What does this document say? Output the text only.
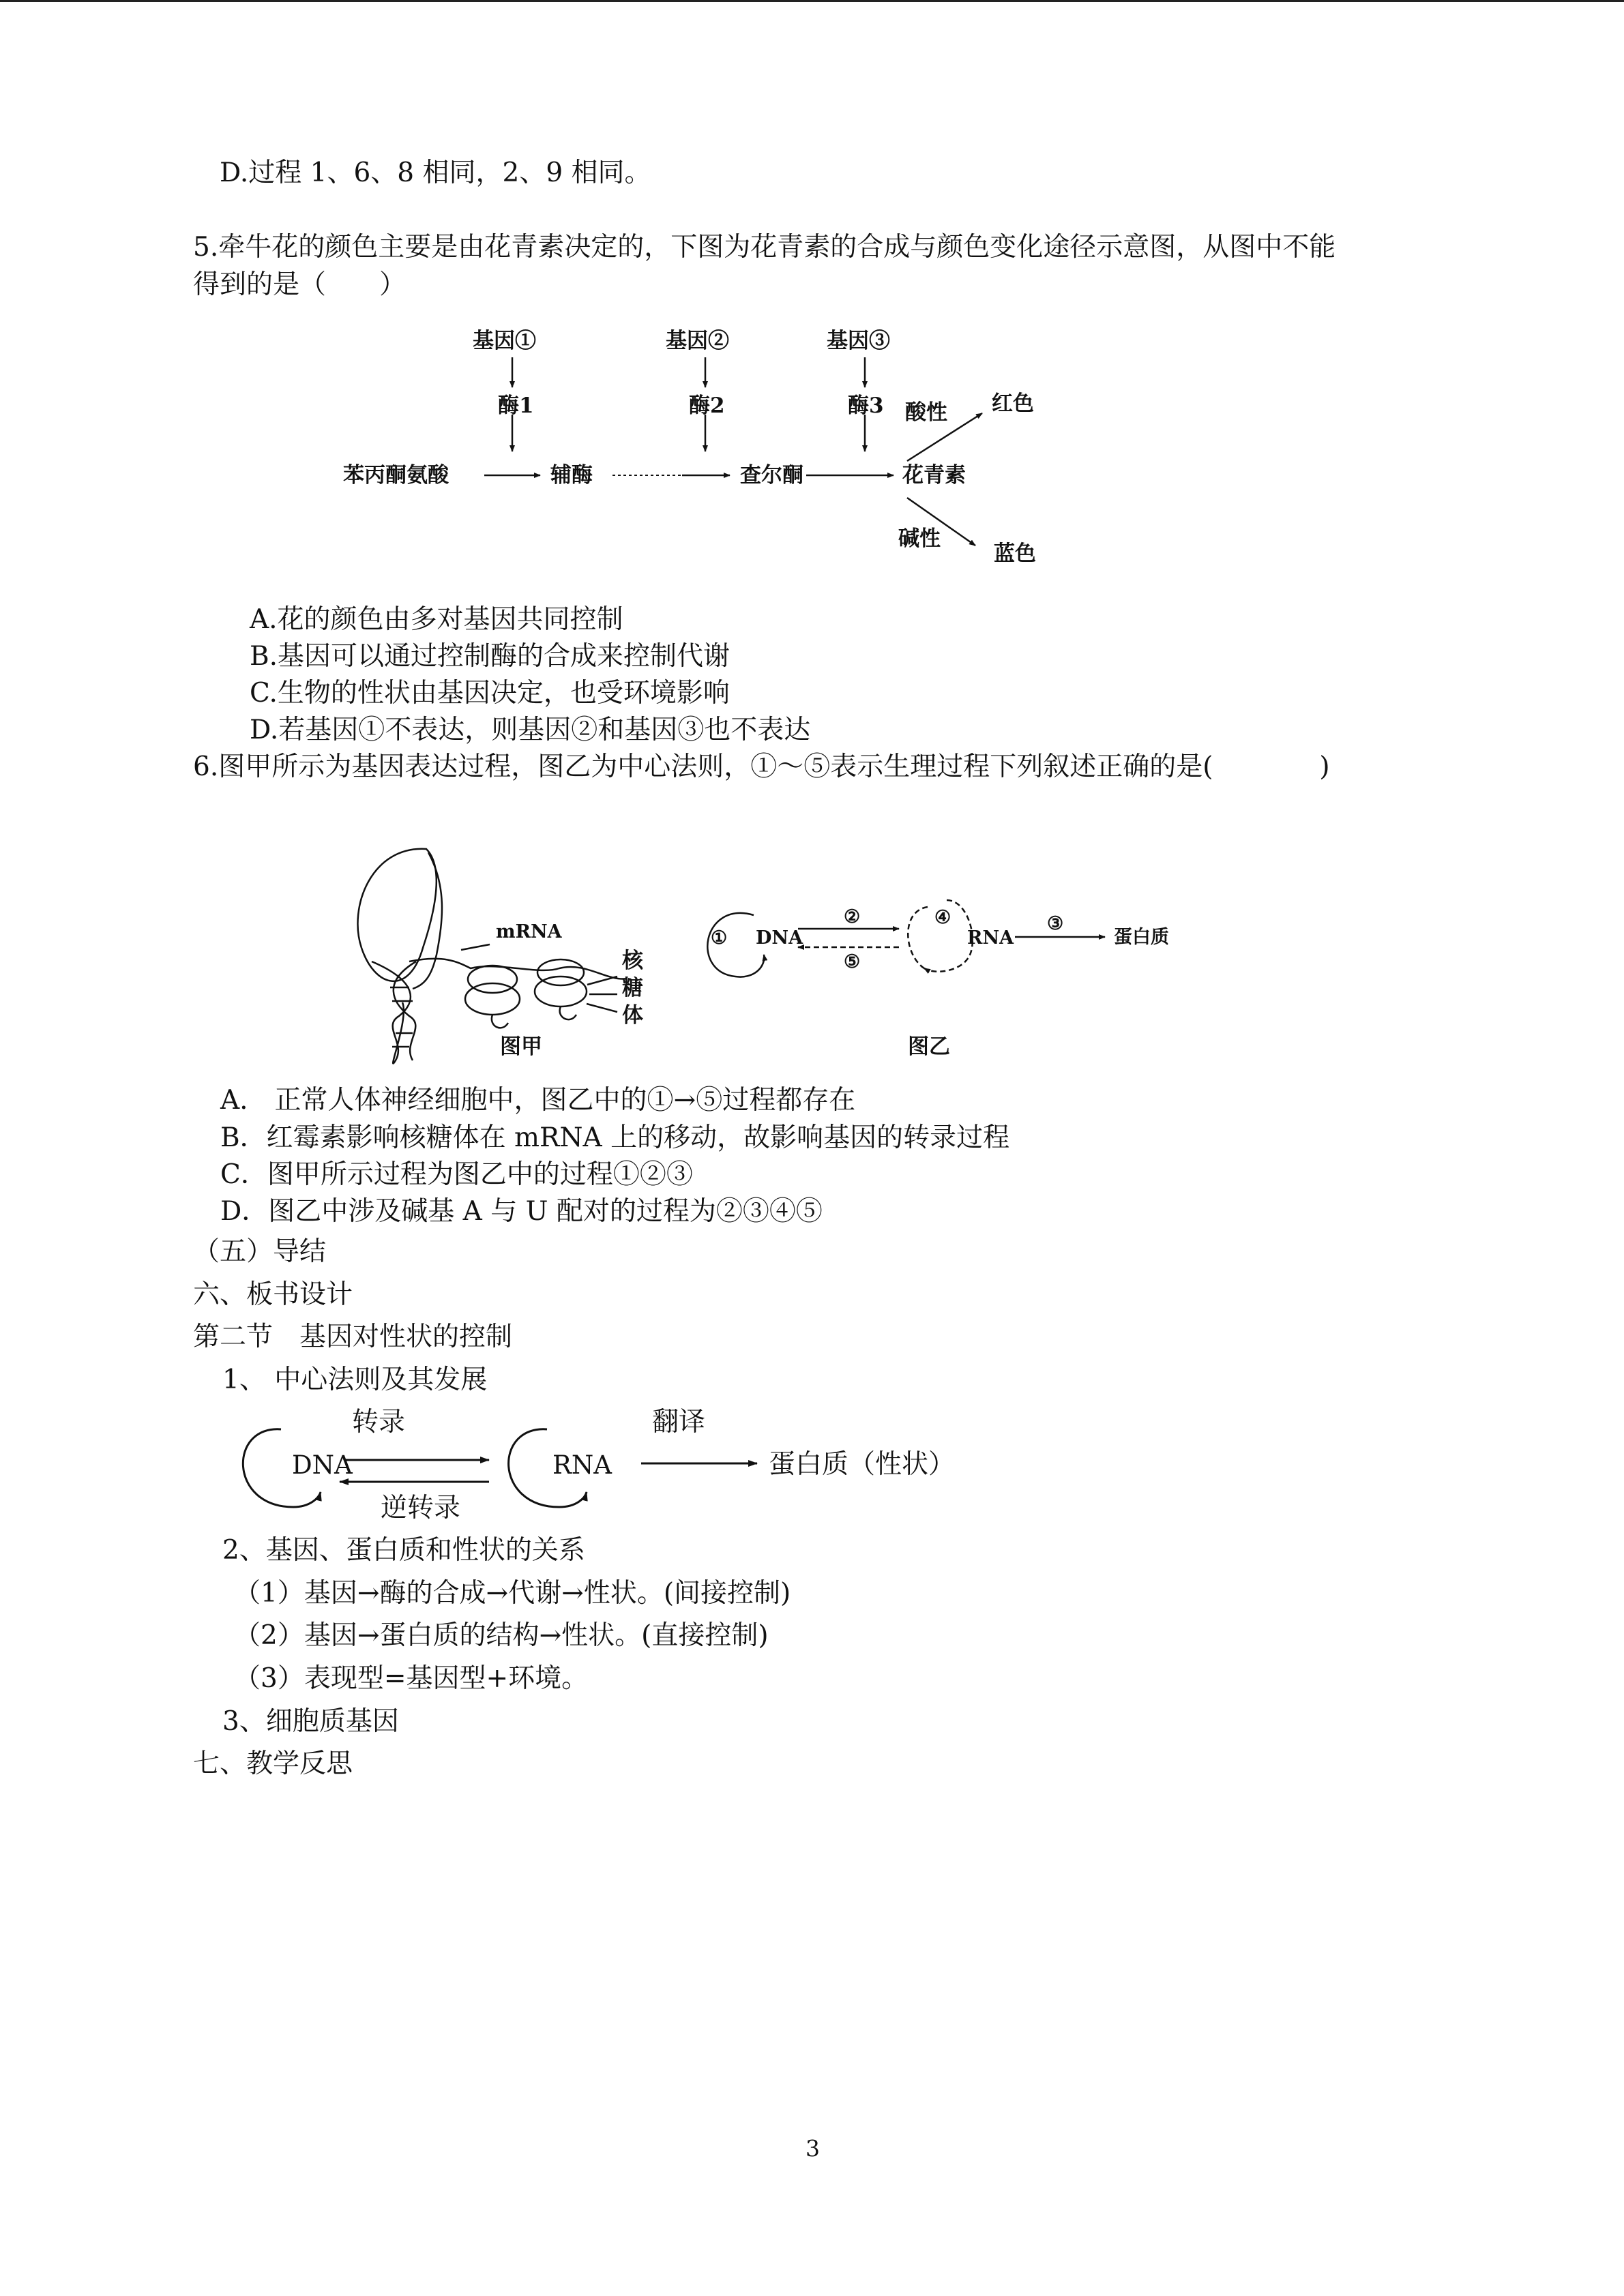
D.过程 1、6、8 相同，2、9 相同。
5.牵牛花的颜色主要是由花青素决定的，下图为花青素的合成与颜色变化途径示意图，从图中不能
得到的是（　　）
基因①	基因②	基因③
酶1	酶2	酶3
苯丙酮氨酸	辅酶	查尔酮	花青素
酸性 红色
碱性
蓝色
A.花的颜色由多对基因共同控制
B.基因可以通过控制酶的合成来控制代谢
C.生物的性状由基因决定，也受环境影响
D.若基因①不表达，则基因②和基因③也不表达
6.图甲所示为基因表达过程，图乙为中心法则，①～⑤表示生理过程下列叙述正确的是(　　　　)
mRNA
核
糖
体
图甲	图乙
① DNA
②
⑤
④
RNA
③
蛋白质
A.　正常人体神经细胞中，图乙中的①→⑤过程都存在
B．红霉素影响核糖体在 mRNA 上的移动，故影响基因的转录过程
C．图甲所示过程为图乙中的过程①②③
D．图乙中涉及碱基 A 与 U 配对的过程为②③④⑤
（五）导结
六、板书设计
第二节　基因对性状的控制
1、 中心法则及其发展
DNA	RNA
转录
逆转录
翻译
蛋白质（性状）
2、基因、蛋白质和性状的关系
（1）基因→酶的合成→代谢→性状。(间接控制)
（2）基因→蛋白质的结构→性状。(直接控制)
（3）表现型=基因型+环境。
3、细胞质基因
七、教学反思
3
